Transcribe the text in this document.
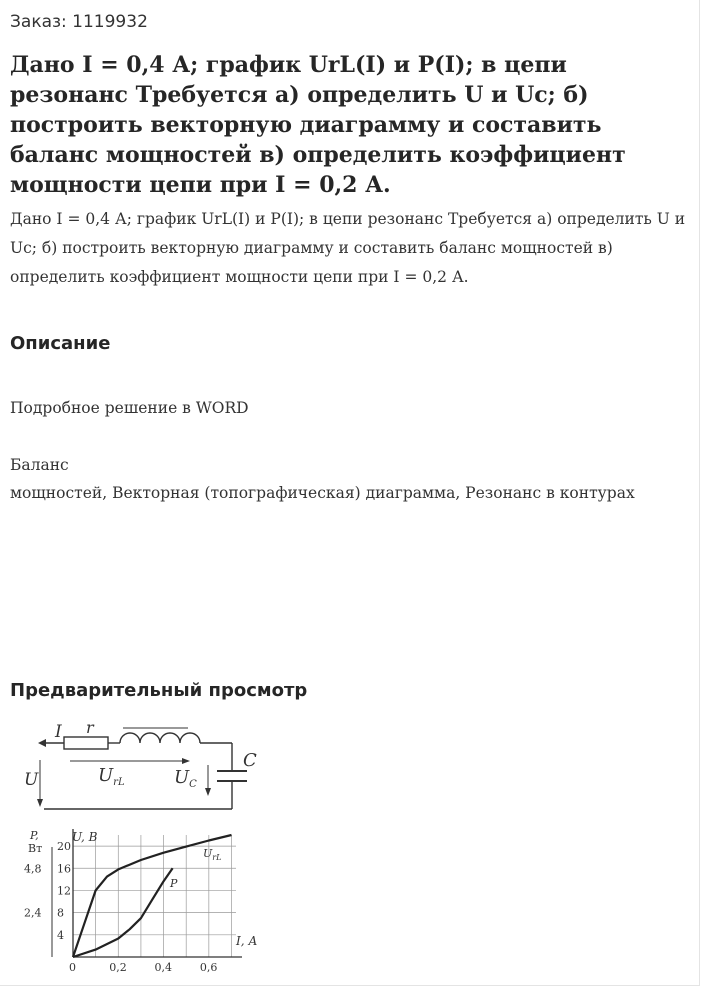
Заказ: 1119932
Дано I = 0,4 А; график UrL(I) и P(I); в цепи резонанс Требуется а) определить U и Uc; б) построить векторную диаграмму и составить баланс мощностей в) определить коэффициент мощности цепи при I = 0,2 А.
Дано I = 0,4 А; график UrL(I) и P(I); в цепи резонанс Требуется а) определить U и Uc; б) построить векторную диаграмму и составить баланс мощностей в) определить коэффициент мощности цепи при I = 0,2 А.
Описание
Подробное решение в WORD
Баланс
мощностей, Векторная (топографическая) диаграмма, Резонанс в контурах
Предварительный просмотр
I r
C
U	$U_{rL}$	$U_C$
20
16
12
8
4
4,8
2,4
0	0,2	0,4	0,6
P,
Вт
U, В
I, А
$U_{rL}$
P
